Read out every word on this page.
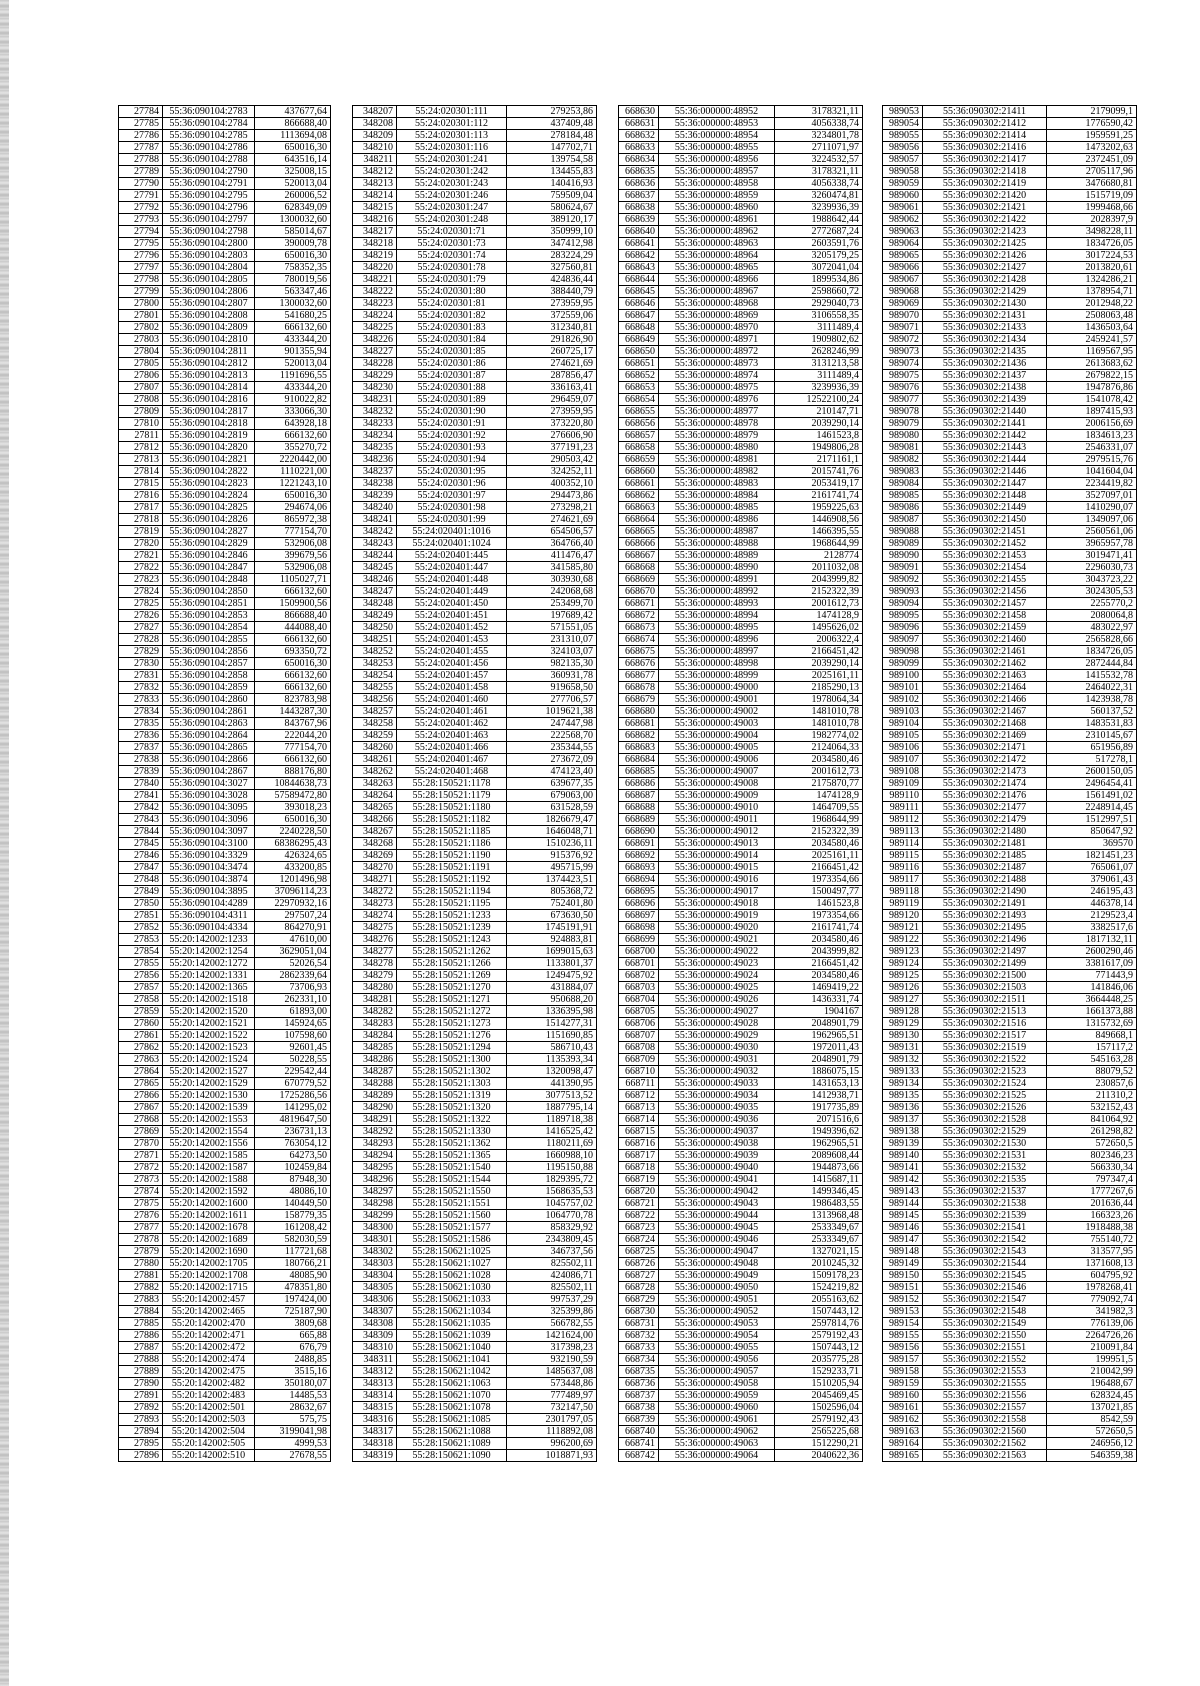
27784	55:36:090104:2783	437677,64
27785	55:36:090104:2784	866688,40
27786	55:36:090104:2785	1113694,08
27787	55:36:090104:2786	650016,30
27788	55:36:090104:2788	643516,14
27789	55:36:090104:2790	325008,15
27790	55:36:090104:2791	520013,04
27791	55:36:090104:2795	260006,52
27792	55:36:090104:2796	628349,09
27793	55:36:090104:2797	1300032,60
27794	55:36:090104:2798	585014,67
27795	55:36:090104:2800	390009,78
27796	55:36:090104:2803	650016,30
27797	55:36:090104:2804	758352,35
27798	55:36:090104:2805	780019,56
27799	55:36:090104:2806	563347,46
27800	55:36:090104:2807	1300032,60
27801	55:36:090104:2808	541680,25
27802	55:36:090104:2809	666132,60
27803	55:36:090104:2810	433344,20
27804	55:36:090104:2811	901355,94
27805	55:36:090104:2812	520013,04
27806	55:36:090104:2813	1191696,55
27807	55:36:090104:2814	433344,20
27808	55:36:090104:2816	910022,82
27809	55:36:090104:2817	333066,30
27810	55:36:090104:2818	643928,18
27811	55:36:090104:2819	666132,60
27812	55:36:090104:2820	355270,72
27813	55:36:090104:2821	2220442,00
27814	55:36:090104:2822	1110221,00
27815	55:36:090104:2823	1221243,10
27816	55:36:090104:2824	650016,30
27817	55:36:090104:2825	294674,06
27818	55:36:090104:2826	865972,38
27819	55:36:090104:2827	777154,70
27820	55:36:090104:2829	532906,08
27821	55:36:090104:2846	399679,56
27822	55:36:090104:2847	532906,08
27823	55:36:090104:2848	1105027,71
27824	55:36:090104:2850	666132,60
27825	55:36:090104:2851	1509900,56
27826	55:36:090104:2853	866688,40
27827	55:36:090104:2854	444088,40
27828	55:36:090104:2855	666132,60
27829	55:36:090104:2856	693350,72
27830	55:36:090104:2857	650016,30
27831	55:36:090104:2858	666132,60
27832	55:36:090104:2859	666132,60
27833	55:36:090104:2860	823783,98
27834	55:36:090104:2861	1443287,30
27835	55:36:090104:2863	843767,96
27836	55:36:090104:2864	222044,20
27837	55:36:090104:2865	777154,70
27838	55:36:090104:2866	666132,60
27839	55:36:090104:2867	888176,80
27840	55:36:090104:3027	10844638,73
27841	55:36:090104:3028	57589472,80
27842	55:36:090104:3095	393018,23
27843	55:36:090104:3096	650016,30
27844	55:36:090104:3097	2240228,50
27845	55:36:090104:3100	68386295,43
27846	55:36:090104:3329	426324,65
27847	55:36:090104:3474	433200,85
27848	55:36:090104:3874	1201496,98
27849	55:36:090104:3895	37096114,23
27850	55:36:090104:4289	22970932,16
27851	55:36:090104:4311	297507,24
27852	55:36:090104:4334	864270,91
27853	55:20:142002:1233	47610,00
27854	55:20:142002:1254	3629051,04
27855	55:20:142002:1272	52026,54
27856	55:20:142002:1331	2862339,64
27857	55:20:142002:1365	73706,93
27858	55:20:142002:1518	262331,10
27859	55:20:142002:1520	61893,00
27860	55:20:142002:1521	145924,65
27861	55:20:142002:1522	107598,60
27862	55:20:142002:1523	92601,45
27863	55:20:142002:1524	50228,55
27864	55:20:142002:1527	229542,44
27865	55:20:142002:1529	670779,52
27866	55:20:142002:1530	1725286,56
27867	55:20:142002:1539	141295,02
27868	55:20:142002:1553	4819647,50
27869	55:20:142002:1554	236731,13
27870	55:20:142002:1556	763054,12
27871	55:20:142002:1585	64273,50
27872	55:20:142002:1587	102459,84
27873	55:20:142002:1588	87948,30
27874	55:20:142002:1592	48086,10
27875	55:20:142002:1600	140449,50
27876	55:20:142002:1611	158779,35
27877	55:20:142002:1678	161208,42
27878	55:20:142002:1689	582030,59
27879	55:20:142002:1690	117721,68
27880	55:20:142002:1705	180766,21
27881	55:20:142002:1708	48085,90
27882	55:20:142002:1715	478351,80
27883	55:20:142002:457	197424,00
27884	55:20:142002:465	725187,90
27885	55:20:142002:470	3809,68
27886	55:20:142002:471	665,88
27887	55:20:142002:472	676,79
27888	55:20:142002:474	2488,85
27889	55:20:142002:475	3515,16
27890	55:20:142002:482	350180,07
27891	55:20:142002:483	14485,53
27892	55:20:142002:501	28632,67
27893	55:20:142002:503	575,75
27894	55:20:142002:504	3199041,98
27895	55:20:142002:505	4999,53
27896	55:20:142002:510	27678,55
348207	55:24:020301:111	279253,86
348208	55:24:020301:112	437409,48
348209	55:24:020301:113	278184,48
348210	55:24:020301:116	147702,71
348211	55:24:020301:241	139754,58
348212	55:24:020301:242	134455,83
348213	55:24:020301:243	140416,93
348214	55:24:020301:246	759509,04
348215	55:24:020301:247	580624,67
348216	55:24:020301:248	389120,17
348217	55:24:020301:71	350999,10
348218	55:24:020301:73	347412,98
348219	55:24:020301:74	283224,29
348220	55:24:020301:78	327560,81
348221	55:24:020301:79	424836,44
348222	55:24:020301:80	388440,79
348223	55:24:020301:81	273959,95
348224	55:24:020301:82	372559,06
348225	55:24:020301:83	312340,81
348226	55:24:020301:84	291826,90
348227	55:24:020301:85	260725,17
348228	55:24:020301:86	274621,69
348229	55:24:020301:87	287856,47
348230	55:24:020301:88	336163,41
348231	55:24:020301:89	296459,07
348232	55:24:020301:90	273959,95
348233	55:24:020301:91	373220,80
348234	55:24:020301:92	276606,90
348235	55:24:020301:93	377191,23
348236	55:24:020301:94	290503,42
348237	55:24:020301:95	324252,11
348238	55:24:020301:96	400352,10
348239	55:24:020301:97	294473,86
348240	55:24:020301:98	273298,21
348241	55:24:020301:99	274621,69
348242	55:24:020401:1016	654506,57
348243	55:24:020401:1024	364766,40
348244	55:24:020401:445	411476,47
348245	55:24:020401:447	341585,80
348246	55:24:020401:448	303930,68
348247	55:24:020401:449	242068,68
348248	55:24:020401:450	253499,70
348249	55:24:020401:451	197689,42
348250	55:24:020401:452	571551,05
348251	55:24:020401:453	231310,07
348252	55:24:020401:455	324103,07
348253	55:24:020401:456	982135,30
348254	55:24:020401:457	360931,78
348255	55:24:020401:458	919658,50
348256	55:24:020401:460	277706,57
348257	55:24:020401:461	1019621,38
348258	55:24:020401:462	247447,98
348259	55:24:020401:463	222568,70
348260	55:24:020401:466	235344,55
348261	55:24:020401:467	273672,09
348262	55:24:020401:468	474123,40
348263	55:28:150521:1178	639677,35
348264	55:28:150521:1179	679063,00
348265	55:28:150521:1180	631528,59
348266	55:28:150521:1182	1826679,47
348267	55:28:150521:1185	1646048,71
348268	55:28:150521:1186	1510236,11
348269	55:28:150521:1190	915376,92
348270	55:28:150521:1191	495715,99
348271	55:28:150521:1192	1374423,51
348272	55:28:150521:1194	805368,72
348273	55:28:150521:1195	752401,80
348274	55:28:150521:1233	673630,50
348275	55:28:150521:1239	1745191,91
348276	55:28:150521:1243	924883,81
348277	55:28:150521:1262	1699015,63
348278	55:28:150521:1266	1133801,37
348279	55:28:150521:1269	1249475,92
348280	55:28:150521:1270	431884,07
348281	55:28:150521:1271	950688,20
348282	55:28:150521:1272	1336395,98
348283	55:28:150521:1273	1514277,31
348284	55:28:150521:1276	1151690,85
348285	55:28:150521:1294	586710,43
348286	55:28:150521:1300	1135393,34
348287	55:28:150521:1302	1320098,47
348288	55:28:150521:1303	441390,95
348289	55:28:150521:1319	3077513,52
348290	55:28:150521:1320	1887795,14
348291	55:28:150521:1322	1189718,38
348292	55:28:150521:1330	1416525,42
348293	55:28:150521:1362	1180211,69
348294	55:28:150521:1365	1660988,10
348295	55:28:150521:1540	1195150,88
348296	55:28:150521:1544	1829395,72
348297	55:28:150521:1550	1568635,53
348298	55:28:150521:1551	1045757,02
348299	55:28:150521:1560	1064770,78
348300	55:28:150521:1577	858329,92
348301	55:28:150521:1586	2343809,45
348302	55:28:150621:1025	346737,56
348303	55:28:150621:1027	825502,11
348304	55:28:150621:1028	424086,71
348305	55:28:150621:1030	825502,11
348306	55:28:150621:1033	997537,29
348307	55:28:150621:1034	325399,86
348308	55:28:150621:1035	566782,55
348309	55:28:150621:1039	1421624,00
348310	55:28:150621:1040	317398,23
348311	55:28:150621:1041	932190,59
348312	55:28:150621:1042	1485637,08
348313	55:28:150621:1063	573448,86
348314	55:28:150621:1070	777489,97
348315	55:28:150621:1078	732147,50
348316	55:28:150621:1085	2301797,05
348317	55:28:150621:1088	1118892,08
348318	55:28:150621:1089	996200,69
348319	55:28:150621:1090	1018871,93
668630	55:36:000000:48952	3178321,11
668631	55:36:000000:48953	4056338,74
668632	55:36:000000:48954	3234801,78
668633	55:36:000000:48955	2711071,97
668634	55:36:000000:48956	3224532,57
668635	55:36:000000:48957	3178321,11
668636	55:36:000000:48958	4056338,74
668637	55:36:000000:48959	3260474,81
668638	55:36:000000:48960	3239936,39
668639	55:36:000000:48961	1988642,44
668640	55:36:000000:48962	2772687,24
668641	55:36:000000:48963	2603591,76
668642	55:36:000000:48964	3205179,25
668643	55:36:000000:48965	3072041,04
668644	55:36:000000:48966	1899534,86
668645	55:36:000000:48967	2598660,72
668646	55:36:000000:48968	2929040,73
668647	55:36:000000:48969	3106558,35
668648	55:36:000000:48970	3111489,4
668649	55:36:000000:48971	1909802,62
668650	55:36:000000:48972	2628246,99
668651	55:36:000000:48973	3131213,58
668652	55:36:000000:48974	3111489,4
668653	55:36:000000:48975	3239936,39
668654	55:36:000000:48976	12522100,24
668655	55:36:000000:48977	210147,71
668656	55:36:000000:48978	2039290,14
668657	55:36:000000:48979	1461523,8
668658	55:36:000000:48980	1949806,28
668659	55:36:000000:48981	2171161,1
668660	55:36:000000:48982	2015741,76
668661	55:36:000000:48983	2053419,17
668662	55:36:000000:48984	2161741,74
668663	55:36:000000:48985	1959225,63
668664	55:36:000000:48986	1446908,56
668665	55:36:000000:48987	1466395,55
668666	55:36:000000:48988	1968644,99
668667	55:36:000000:48989	2128774
668668	55:36:000000:48990	2011032,08
668669	55:36:000000:48991	2043999,82
668670	55:36:000000:48992	2152322,39
668671	55:36:000000:48993	2001612,73
668672	55:36:000000:48994	1474128,9
668673	55:36:000000:48995	1495626,02
668674	55:36:000000:48996	2006322,4
668675	55:36:000000:48997	2166451,42
668676	55:36:000000:48998	2039290,14
668677	55:36:000000:48999	2025161,11
668678	55:36:000000:49000	2185290,13
668679	55:36:000000:49001	1978064,34
668680	55:36:000000:49002	1481010,78
668681	55:36:000000:49003	1481010,78
668682	55:36:000000:49004	1982774,02
668683	55:36:000000:49005	2124064,33
668684	55:36:000000:49006	2034580,46
668685	55:36:000000:49007	2001612,73
668686	55:36:000000:49008	2175870,77
668687	55:36:000000:49009	1474128,9
668688	55:36:000000:49010	1464709,55
668689	55:36:000000:49011	1968644,99
668690	55:36:000000:49012	2152322,39
668691	55:36:000000:49013	2034580,46
668692	55:36:000000:49014	2025161,11
668693	55:36:000000:49015	2166451,42
668694	55:36:000000:49016	1973354,66
668695	55:36:000000:49017	1500497,77
668696	55:36:000000:49018	1461523,8
668697	55:36:000000:49019	1973354,66
668698	55:36:000000:49020	2161741,74
668699	55:36:000000:49021	2034580,46
668700	55:36:000000:49022	2043999,82
668701	55:36:000000:49023	2166451,42
668702	55:36:000000:49024	2034580,46
668703	55:36:000000:49025	1469419,22
668704	55:36:000000:49026	1436331,74
668705	55:36:000000:49027	1904167
668706	55:36:000000:49028	2048901,79
668707	55:36:000000:49029	1962965,51
668708	55:36:000000:49030	1972011,43
668709	55:36:000000:49031	2048901,79
668710	55:36:000000:49032	1886075,15
668711	55:36:000000:49033	1431653,13
668712	55:36:000000:49034	1412938,71
668713	55:36:000000:49035	1917735,89
668714	55:36:000000:49036	2071516,6
668715	55:36:000000:49037	1949396,62
668716	55:36:000000:49038	1962965,51
668717	55:36:000000:49039	2089608,44
668718	55:36:000000:49040	1944873,66
668719	55:36:000000:49041	1415687,11
668720	55:36:000000:49042	1499346,45
668721	55:36:000000:49043	1986483,55
668722	55:36:000000:49044	1313968,48
668723	55:36:000000:49045	2533349,67
668724	55:36:000000:49046	2533349,67
668725	55:36:000000:49047	1327021,15
668726	55:36:000000:49048	2010245,32
668727	55:36:000000:49049	1509178,23
668728	55:36:000000:49050	1524219,82
668729	55:36:000000:49051	2055163,62
668730	55:36:000000:49052	1507443,12
668731	55:36:000000:49053	2597814,76
668732	55:36:000000:49054	2579192,43
668733	55:36:000000:49055	1507443,12
668734	55:36:000000:49056	2035775,28
668735	55:36:000000:49057	1529233,71
668736	55:36:000000:49058	1510205,94
668737	55:36:000000:49059	2045469,45
668738	55:36:000000:49060	1502596,04
668739	55:36:000000:49061	2579192,43
668740	55:36:000000:49062	2565225,68
668741	55:36:000000:49063	1512290,21
668742	55:36:000000:49064	2040622,36
989053	55:36:090302:21411	2179099,1
989054	55:36:090302:21412	1776590,42
989055	55:36:090302:21414	1959591,25
989056	55:36:090302:21416	1473202,63
989057	55:36:090302:21417	2372451,09
989058	55:36:090302:21418	2705117,96
989059	55:36:090302:21419	3476680,81
989060	55:36:090302:21420	1515719,09
989061	55:36:090302:21421	1999468,66
989062	55:36:090302:21422	2028397,9
989063	55:36:090302:21423	3498228,11
989064	55:36:090302:21425	1834726,05
989065	55:36:090302:21426	3017224,53
989066	55:36:090302:21427	2013820,61
989067	55:36:090302:21428	1324286,21
989068	55:36:090302:21429	1378954,71
989069	55:36:090302:21430	2012948,22
989070	55:36:090302:21431	2508063,48
989071	55:36:090302:21433	1436503,64
989072	55:36:090302:21434	2459241,57
989073	55:36:090302:21435	1169567,95
989074	55:36:090302:21436	2613683,62
989075	55:36:090302:21437	2679822,15
989076	55:36:090302:21438	1947876,86
989077	55:36:090302:21439	1541078,42
989078	55:36:090302:21440	1897415,93
989079	55:36:090302:21441	2006156,69
989080	55:36:090302:21442	1834613,23
989081	55:36:090302:21443	2546331,07
989082	55:36:090302:21444	2979515,76
989083	55:36:090302:21446	1041604,04
989084	55:36:090302:21447	2234419,82
989085	55:36:090302:21448	3527097,01
989086	55:36:090302:21449	1410290,07
989087	55:36:090302:21450	1349097,06
989088	55:36:090302:21451	2560561,06
989089	55:36:090302:21452	3965957,78
989090	55:36:090302:21453	3019471,41
989091	55:36:090302:21454	2296030,73
989092	55:36:090302:21455	3043723,22
989093	55:36:090302:21456	3024305,53
989094	55:36:090302:21457	2255770,2
989095	55:36:090302:21458	2080064,8
989096	55:36:090302:21459	483022,97
989097	55:36:090302:21460	2565828,66
989098	55:36:090302:21461	1834726,05
989099	55:36:090302:21462	2872444,84
989100	55:36:090302:21463	1415532,78
989101	55:36:090302:21464	2464022,31
989102	55:36:090302:21466	1423938,78
989103	55:36:090302:21467	560137,52
989104	55:36:090302:21468	1483531,83
989105	55:36:090302:21469	2310145,67
989106	55:36:090302:21471	651956,89
989107	55:36:090302:21472	517278,1
989108	55:36:090302:21473	2600150,05
989109	55:36:090302:21474	2496454,41
989110	55:36:090302:21476	1561491,02
989111	55:36:090302:21477	2248914,45
989112	55:36:090302:21479	1512997,51
989113	55:36:090302:21480	850647,92
989114	55:36:090302:21481	369570
989115	55:36:090302:21485	1821451,23
989116	55:36:090302:21487	765061,07
989117	55:36:090302:21488	379061,43
989118	55:36:090302:21490	246195,43
989119	55:36:090302:21491	446378,14
989120	55:36:090302:21493	2129523,4
989121	55:36:090302:21495	3382517,6
989122	55:36:090302:21496	1817132,11
989123	55:36:090302:21497	2600290,46
989124	55:36:090302:21499	3381617,09
989125	55:36:090302:21500	771443,9
989126	55:36:090302:21503	141846,06
989127	55:36:090302:21511	3664448,25
989128	55:36:090302:21513	1661373,88
989129	55:36:090302:21516	1315732,69
989130	55:36:090302:21517	849668,1
989131	55:36:090302:21519	157117,2
989132	55:36:090302:21522	545163,28
989133	55:36:090302:21523	88079,52
989134	55:36:090302:21524	230857,6
989135	55:36:090302:21525	211310,2
989136	55:36:090302:21526	532152,43
989137	55:36:090302:21528	841064,92
989138	55:36:090302:21529	261298,82
989139	55:36:090302:21530	572650,5
989140	55:36:090302:21531	802346,23
989141	55:36:090302:21532	566330,34
989142	55:36:090302:21535	797347,4
989143	55:36:090302:21537	1777267,6
989144	55:36:090302:21538	201636,44
989145	55:36:090302:21539	166323,26
989146	55:36:090302:21541	1918488,38
989147	55:36:090302:21542	755140,72
989148	55:36:090302:21543	313577,95
989149	55:36:090302:21544	1371608,13
989150	55:36:090302:21545	604795,92
989151	55:36:090302:21546	1978268,41
989152	55:36:090302:21547	779092,74
989153	55:36:090302:21548	341982,3
989154	55:36:090302:21549	776139,06
989155	55:36:090302:21550	2264726,26
989156	55:36:090302:21551	210091,84
989157	55:36:090302:21552	199951,5
989158	55:36:090302:21553	210042,99
989159	55:36:090302:21555	196488,67
989160	55:36:090302:21556	628324,45
989161	55:36:090302:21557	137021,85
989162	55:36:090302:21558	8542,59
989163	55:36:090302:21560	572650,5
989164	55:36:090302:21562	246956,12
989165	55:36:090302:21563	546359,38
